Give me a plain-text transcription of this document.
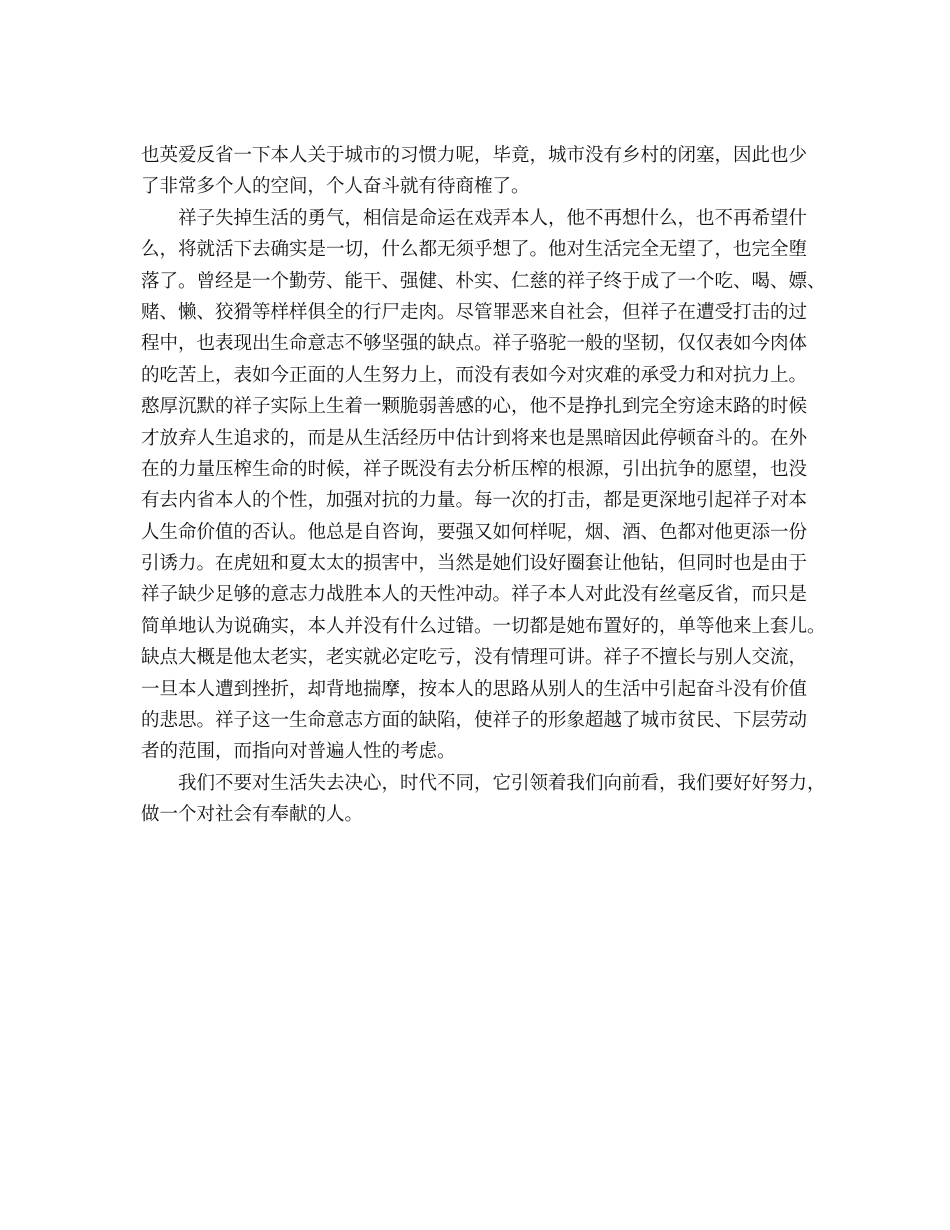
也英爱反省一下本人关于城市的习惯力呢，毕竟，城市没有乡村的闭塞，因此也少
了非常多个人的空间，个人奋斗就有待商榷了。
祥子失掉生活的勇气，相信是命运在戏弄本人，他不再想什么，也不再希望什
么，将就活下去确实是一切，什么都无须乎想了。他对生活完全无望了，也完全堕
落了。曾经是一个勤劳、能干、强健、朴实、仁慈的祥子终于成了一个吃、喝、嫖、
赌、懒、狡猾等样样俱全的行尸走肉。尽管罪恶来自社会，但祥子在遭受打击的过
程中，也表现出生命意志不够坚强的缺点。祥子骆驼一般的坚韧，仅仅表如今肉体
的吃苦上，表如今正面的人生努力上，而没有表如今对灾难的承受力和对抗力上。
憨厚沉默的祥子实际上生着一颗脆弱善感的心，他不是挣扎到完全穷途末路的时候
才放弃人生追求的，而是从生活经历中估计到将来也是黑暗因此停顿奋斗的。在外
在的力量压榨生命的时候，祥子既没有去分析压榨的根源，引出抗争的愿望，也没
有去内省本人的个性，加强对抗的力量。每一次的打击，都是更深地引起祥子对本
人生命价值的否认。他总是自咨询，要强又如何样呢，烟、酒、色都对他更添一份
引诱力。在虎妞和夏太太的损害中，当然是她们设好圈套让他钻，但同时也是由于
祥子缺少足够的意志力战胜本人的天性冲动。祥子本人对此没有丝毫反省，而只是
简单地认为说确实，本人并没有什么过错。一切都是她布置好的，单等他来上套儿。
缺点大概是他太老实，老实就必定吃亏，没有情理可讲。祥子不擅长与别人交流，
一旦本人遭到挫折，却背地揣摩，按本人的思路从别人的生活中引起奋斗没有价值
的悲思。祥子这一生命意志方面的缺陷，使祥子的形象超越了城市贫民、下层劳动
者的范围，而指向对普遍人性的考虑。
我们不要对生活失去决心，时代不同，它引领着我们向前看，我们要好好努力，
做一个对社会有奉献的人。
